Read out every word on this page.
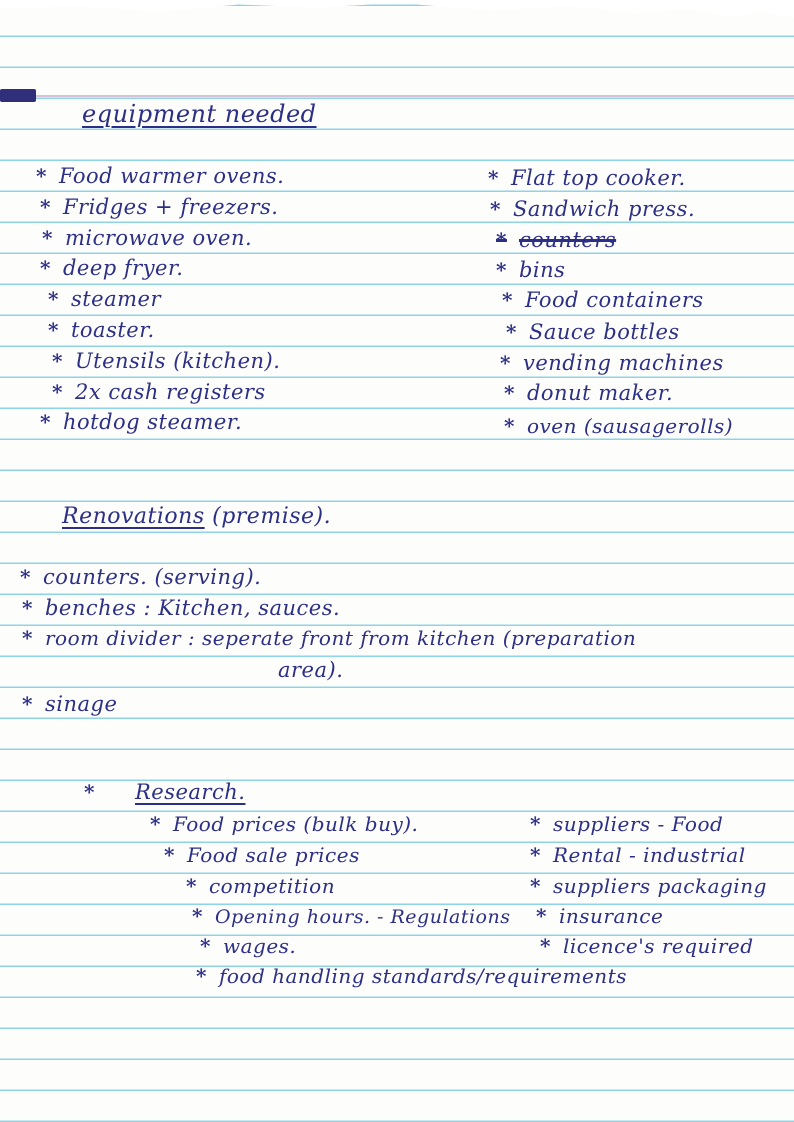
equipment needed
* Food warmer ovens.
* Fridges + freezers.
* microwave oven.
* deep fryer.
* steamer
* toaster.
* Utensils (kitchen).
* 2x cash registers
* hotdog steamer.
* Flat top cooker.
* Sandwich press.
* counters
* bins
* Food containers
* Sauce bottles
* vending machines
* donut maker.
* oven (sausagerolls)
Renovations (premise).
* counters. (serving).
* benches : Kitchen, sauces.
* room divider : seperate front from kitchen (preparation
area).
* sinage
* Research.
* Food prices (bulk buy).
* Food sale prices
* competition
* Opening hours. - Regulations
* wages.
* food handling standards/requirements
* suppliers - Food
* Rental - industrial
* suppliers packaging
* insurance
* licence's required
